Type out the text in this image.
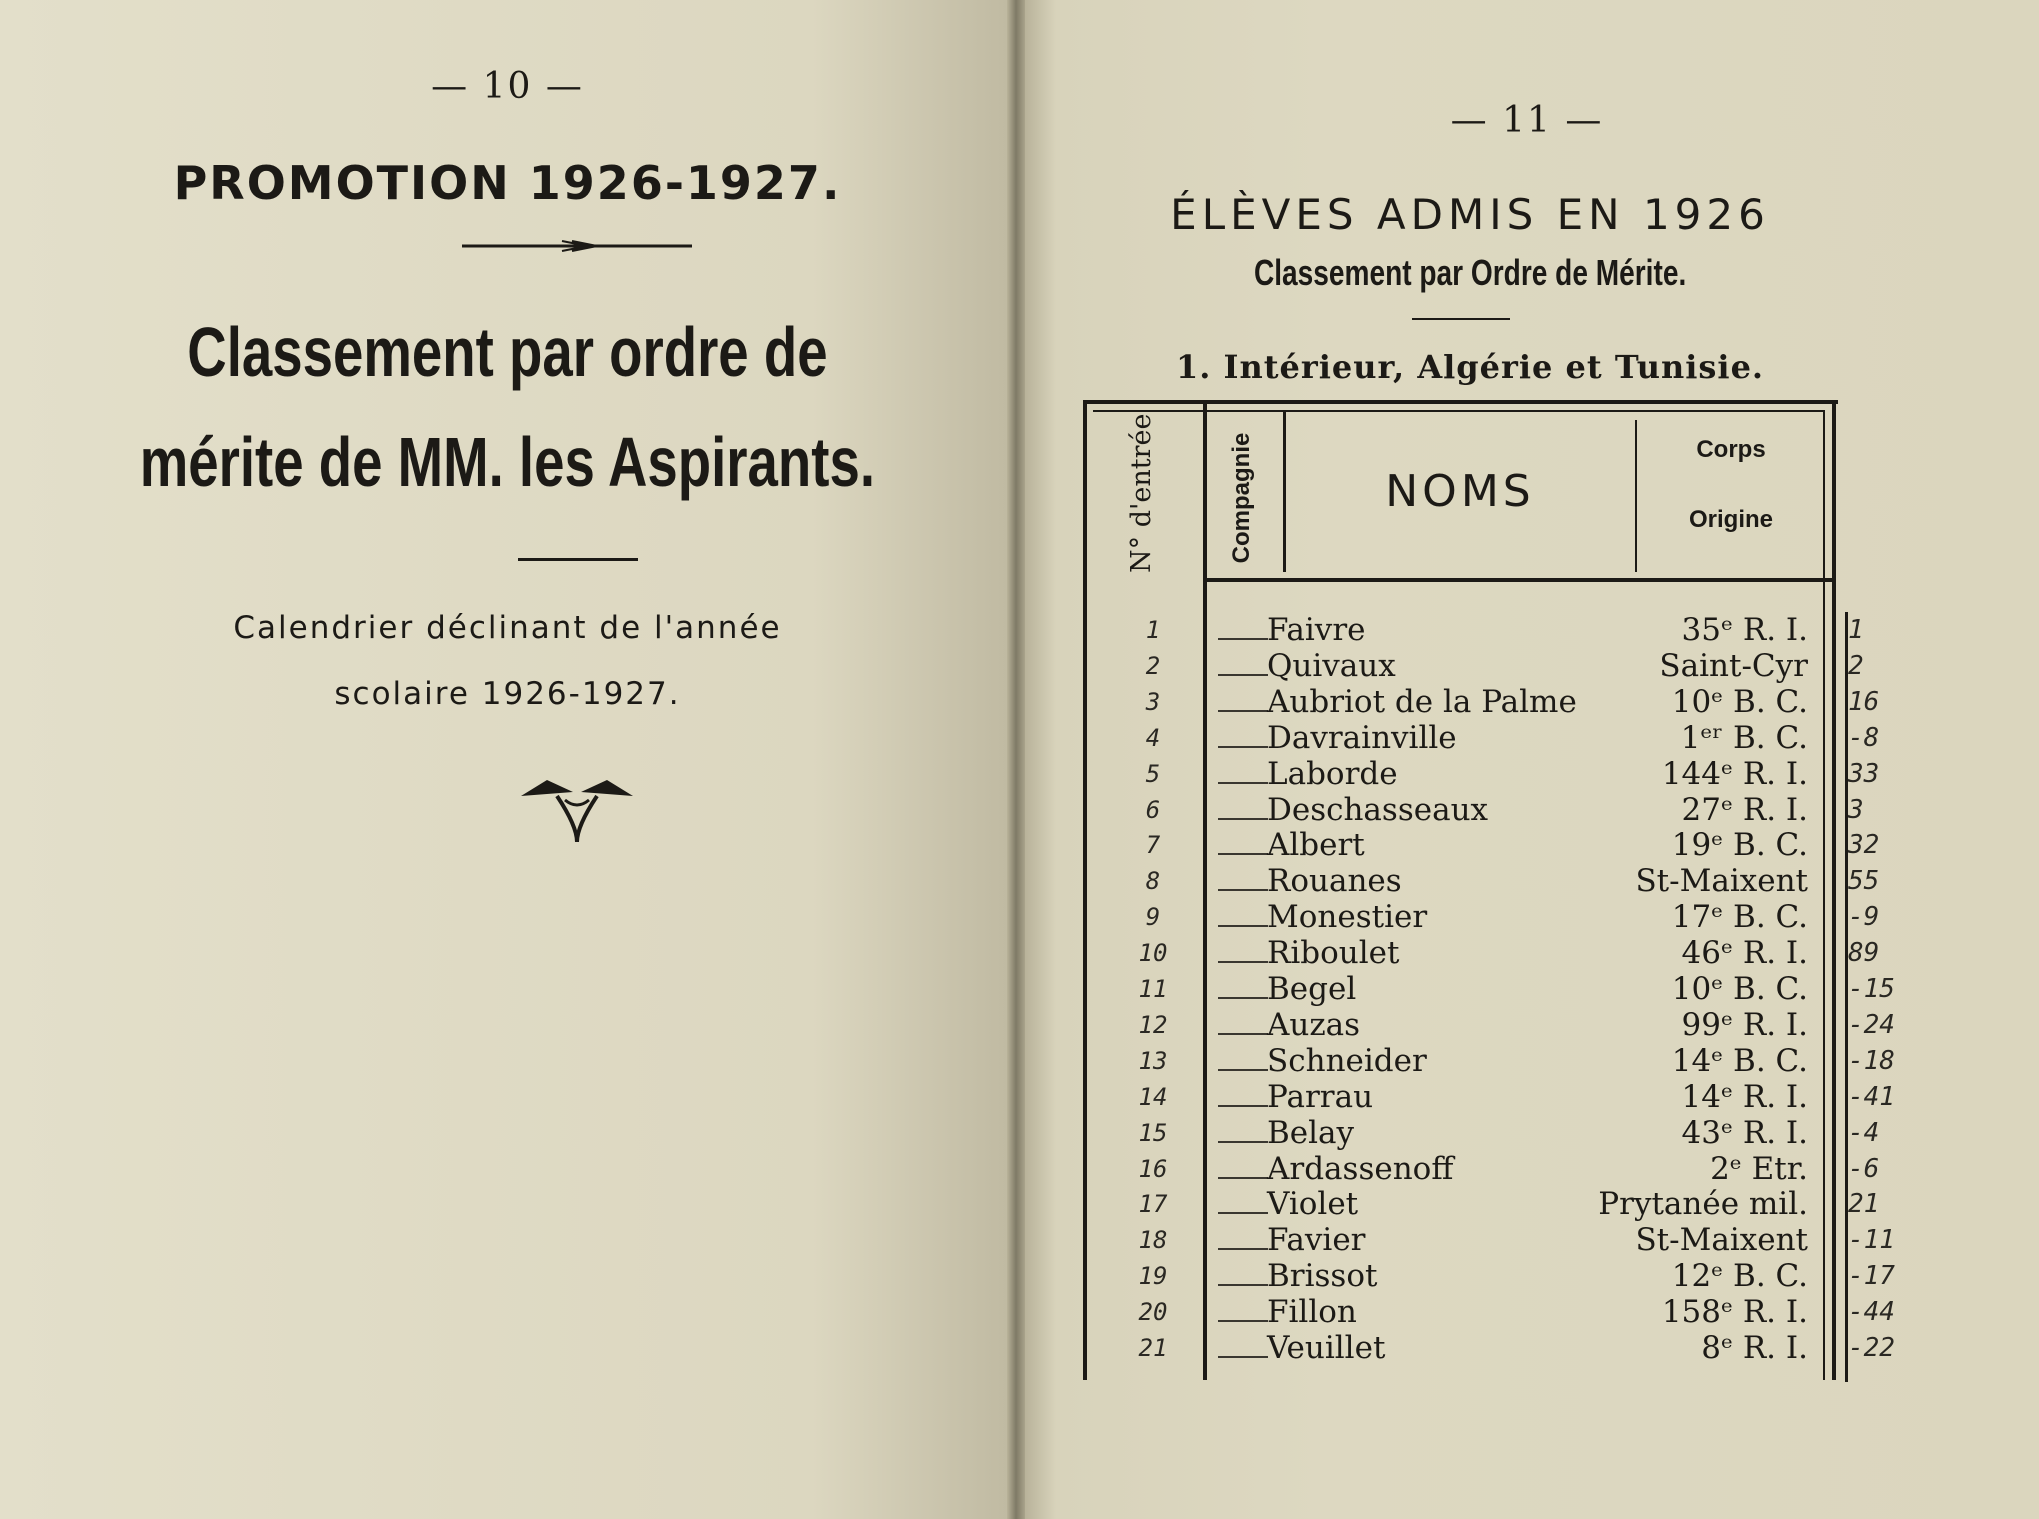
— 10 —
PROMOTION 1926-1927.
Classement par ordre de
mérite de MM. les Aspirants.
Calendrier déclinant de l'année
scolaire 1926-1927.
— 11 —
ÉLÈVES ADMIS EN 1926
Classement par Ordre de Mérite.
1. Intérieur, Algérie et Tunisie.
N° d'entrée	Compagnie	NOMS
Corps
Origine
1	Faivre	35ᵉ R. I. 1
2	Quivaux	Saint-Cyr 2
3	Aubriot de la Palme	10ᵉ B. C. 16
4	Davrainville	1ᵉʳ B. C. -8
5	Laborde	144ᵉ R. I. 33
6	Deschasseaux	27ᵉ R. I. 3
7	Albert	19ᵉ B. C. 32
8	Rouanes	St-Maixent 55
9	Monestier	17ᵉ B. C. -9
10	Riboulet	46ᵉ R. I. 89
11	Begel	10ᵉ B. C. -15
12	Auzas	99ᵉ R. I. -24
13	Schneider	14ᵉ B. C. -18
14	Parrau	14ᵉ R. I. -41
15	Belay	43ᵉ R. I. -4
16	Ardassenoff	2ᵉ Etr. -6
17	Violet	Prytanée mil. 21
18	Favier	St-Maixent -11
19	Brissot	12ᵉ B. C. -17
20	Fillon	158ᵉ R. I. -44
21	Veuillet	8ᵉ R. I. -22
